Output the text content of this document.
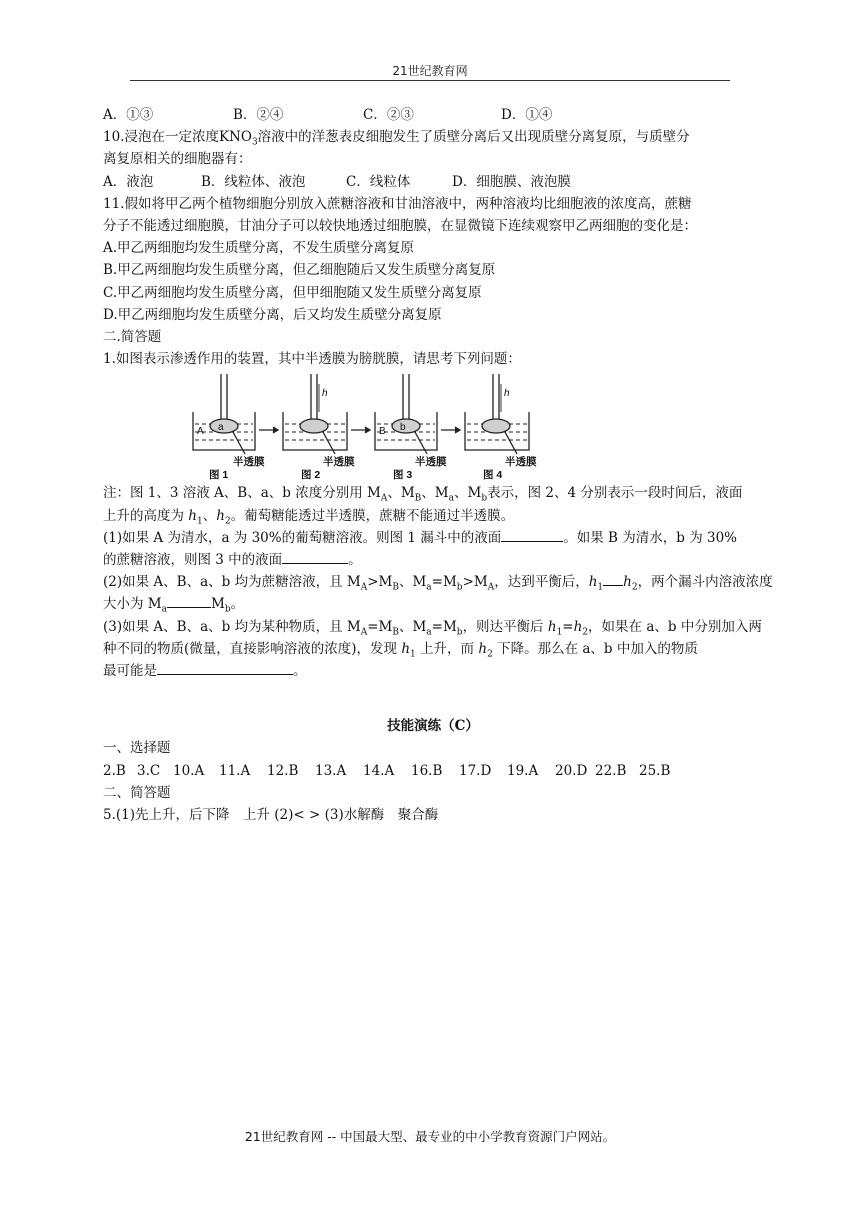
21世纪教育网
A．①③	B．②④	C．②③	D．①④
10.浸泡在一定浓度$KNO_3$溶液中的洋葱表皮细胞发生了质壁分离后又出现质壁分离复原，与质壁分
离复原相关的细胞器有：
A．液泡	B．线粒体、液泡	C．线粒体	D．细胞膜、液泡膜
11.假如将甲乙两个植物细胞分别放入蔗糖溶液和甘油溶液中，两种溶液均比细胞液的浓度高，蔗糖
分子不能透过细胞膜，甘油分子可以较快地透过细胞膜，在显微镜下连续观察甲乙两细胞的变化是：
A.甲乙两细胞均发生质壁分离，不发生质壁分离复原
B.甲乙两细胞均发生质壁分离，但乙细胞随后又发生质壁分离复原
C.甲乙两细胞均发生质壁分离，但甲细胞随又发生质壁分离复原
D.甲乙两细胞均发生质壁分离，后又均发生质壁分离复原
二.简答题
1.如图表示渗透作用的装置，其中半透膜为膀胱膜，请思考下列问题：
A a	B b
h	h
半透膜	半透膜	半透膜	半透膜
图 1	图 2	图 3	图 4
注：图 1、3 溶液 A、B、a、b 浓度分别用 $M_A$、$M_B$、$M_a$、$M_b$表示，图 2、4 分别表示一段时间后，液面
上升的高度为 $h_1$、$h_2$。葡萄糖能透过半透膜，蔗糖不能通过半透膜。
(1)如果 A 为清水，a 为 30%的葡萄糖溶液。则图 1 漏斗中的液面	。如果 B 为清水，b 为 30%
的蔗糖溶液，则图 3 中的液面	。
(2)如果 A、B、a、b 均为蔗糖溶液，且 $M_A>M_B$、$M_a=M_b>M_A$，达到平衡后，$h_1$ $h_2$，两个漏斗内溶液浓度
大小为 $M_a$	$M_b$。
(3)如果 A、B、a、b 均为某种物质，且 $M_A=M_B$、$M_a=M_b$，则达平衡后 $h_1=h_2$，如果在 a、b 中分别加入两
种不同的物质(微量，直接影响溶液的浓度)，发现 $h_1$ 上升，而 $h_2$ 下降。那么在 a、b 中加入的物质
最可能是	。
技能演练（C）
一、选择题
2.B 3.C 10.A 11.A 12.B 13.A 14.A 16.B 17.D 19.A 20.D 22.B 25.B
二、简答题
5.(1)先上升，后下降　上升 (2)< > (3)水解酶　聚合酶
21世纪教育网 -- 中国最大型、最专业的中小学教育资源门户网站。
